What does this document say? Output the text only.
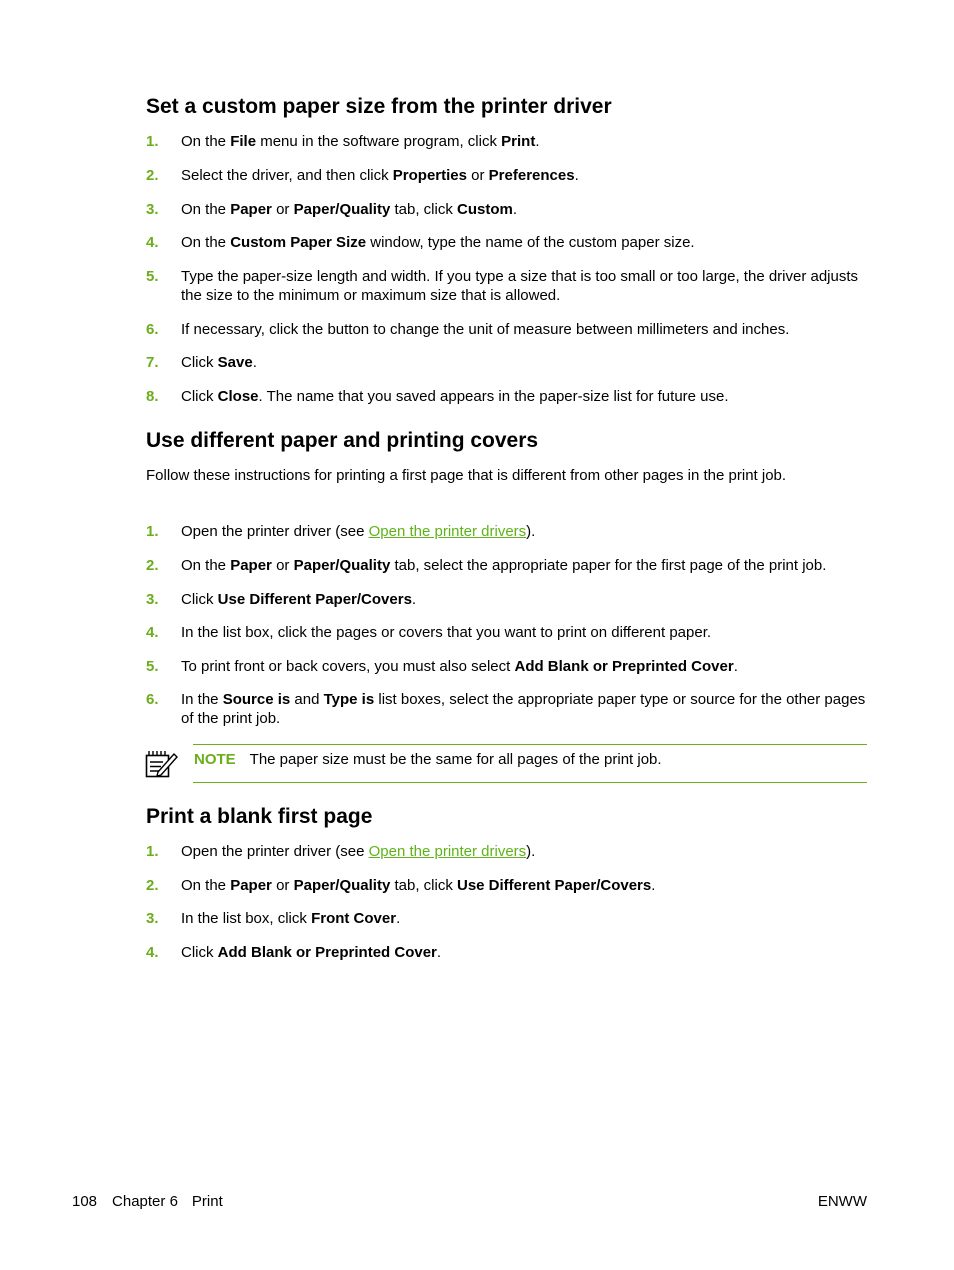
Set a custom paper size from the printer driver
1. On the File menu in the software program, click Print.
2. Select the driver, and then click Properties or Preferences.
3. On the Paper or Paper/Quality tab, click Custom.
4. On the Custom Paper Size window, type the name of the custom paper size.
5. Type the paper-size length and width. If you type a size that is too small or too large, the driver adjusts the size to the minimum or maximum size that is allowed.
6. If necessary, click the button to change the unit of measure between millimeters and inches.
7. Click Save.
8. Click Close. The name that you saved appears in the paper-size list for future use.
Use different paper and printing covers
Follow these instructions for printing a first page that is different from other pages in the print job.
1. Open the printer driver (see Open the printer drivers).
2. On the Paper or Paper/Quality tab, select the appropriate paper for the first page of the print job.
3. Click Use Different Paper/Covers.
4. In the list box, click the pages or covers that you want to print on different paper.
5. To print front or back covers, you must also select Add Blank or Preprinted Cover.
6. In the Source is and Type is list boxes, select the appropriate paper type or source for the other pages of the print job.
NOTE The paper size must be the same for all pages of the print job.
Print a blank first page
1. Open the printer driver (see Open the printer drivers).
2. On the Paper or Paper/Quality tab, click Use Different Paper/Covers.
3. In the list box, click Front Cover.
4. Click Add Blank or Preprinted Cover.
108 Chapter 6 Print	ENWW
